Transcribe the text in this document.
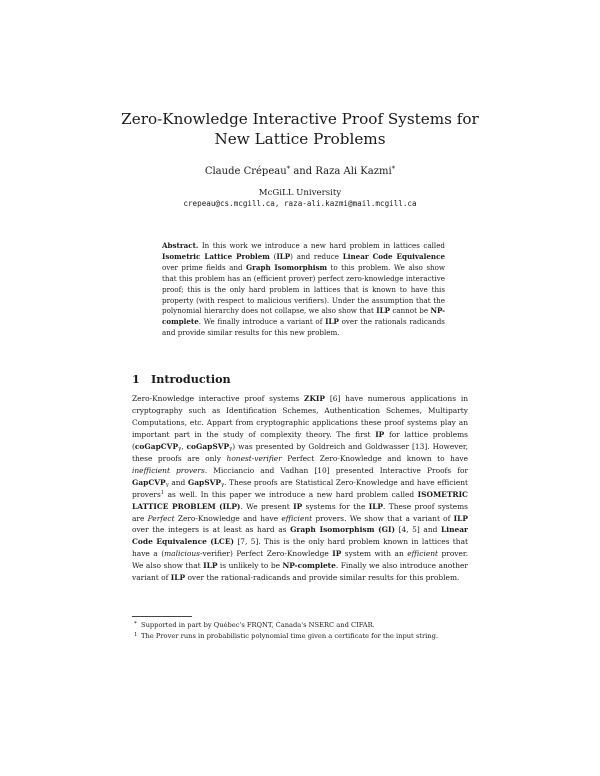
Zero-Knowledge Interactive Proof Systems for
New Lattice Problems
Claude Crépeau* and Raza Ali Kazmi*
McGiLL University
crepeau@cs.mcgill.ca, raza-ali.kazmi@mail.mcgill.ca
Abstract. In this work we introduce a new hard problem in lattices called Isometric Lattice Problem (ILP) and reduce Linear Code Equivalence over prime fields and Graph Isomorphism to this problem. We also show that this problem has an (efficient prover) perfect zero-knowledge interactive proof; this is the only hard problem in lattices that is known to have this property (with respect to malicious verifiers). Under the assumption that the polynomial hierarchy does not collapse, we also show that ILP cannot be NP-complete. We finally introduce a variant of ILP over the rationals radicands and provide similar results for this new problem.
1 Introduction

Zero-Knowledge interactive proof systems ZKIP [6] have numerous applications in cryptography such as Identification Schemes, Authentication Schemes, Multiparty Computations, etc. Appart from cryptographic applications these proof systems play an important part in the study of complexity theory. The first IP for lattice problems (coGapCVP$_\gamma$, coGapSVP$_\gamma$) was presented by Goldreich and Goldwasser [13]. However, these proofs are only honest-verifier Perfect Zero-Knowledge and known to have inefficient provers. Micciancio and Vadhan [10] presented Interactive Proofs for GapCVP$_\gamma$ and GapSVP$_\gamma$. These proofs are Statistical Zero-Knowledge and have efficient provers$^1$ as well. In this paper we introduce a new hard problem called ISOMETRIC LATTICE PROBLEM (ILP). We present IP systems for the ILP. These proof systems are Perfect Zero-Knowledge and have efficient provers. We show that a variant of ILP over the integers is at least as hard as Graph Isomorphism (GI) [4, 5] and Linear Code Equivalence (LCE) [7, 5]. This is the only hard problem known in lattices that have a (malicious-verifier) Perfect Zero-Knowledge IP system with an efficient prover. We also show that ILP is unlikely to be NP-complete. Finally we also introduce another variant of ILP over the rational-radicands and provide similar results for this problem.

* Supported in part by Québec's FRQNT, Canada's NSERC and CIFAR.
1 The Prover runs in probabilistic polynomial time given a certificate for the input string.
